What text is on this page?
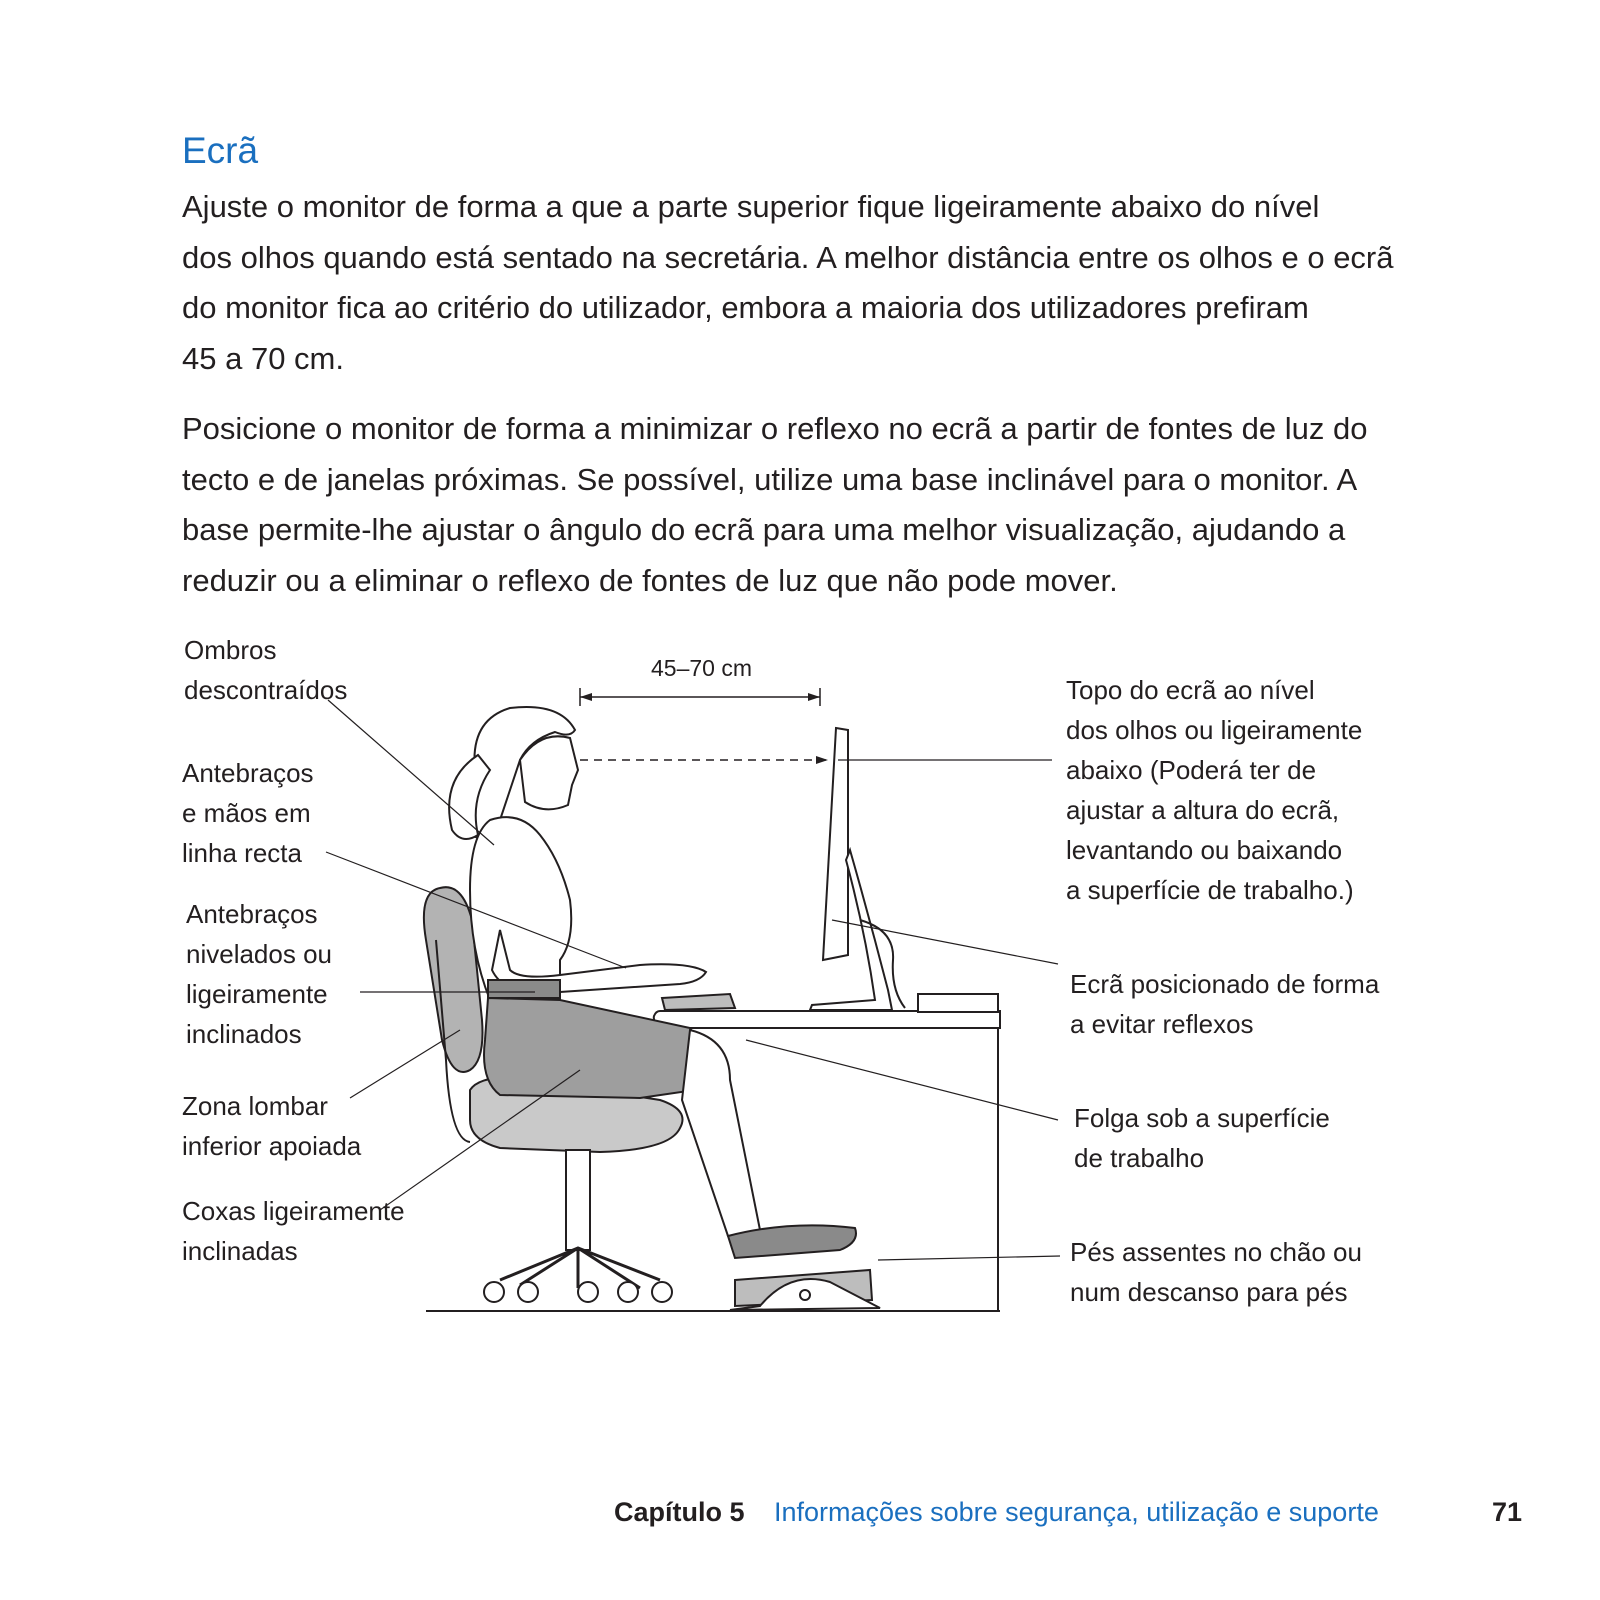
Ecrã
Ajuste o monitor de forma a que a parte superior fique ligeiramente abaixo do nível
dos olhos quando está sentado na secretária. A melhor distância entre os olhos e o ecrã
do monitor fica ao critério do utilizador, embora a maioria dos utilizadores prefiram
45 a 70 cm.
Posicione o monitor de forma a minimizar o reflexo no ecrã a partir de fontes de luz do
tecto e de janelas próximas. Se possível, utilize uma base inclinável para o monitor. A
base permite-lhe ajustar o ângulo do ecrã para uma melhor visualização, ajudando a
reduzir ou a eliminar o reflexo de fontes de luz que não pode mover.
45–70 cm
Ombros
descontraídos
Antebraços
e mãos em
linha recta
Antebraços
nivelados ou
ligeiramente
inclinados
Zona lombar
inferior apoiada
Coxas ligeiramente
inclinadas
Topo do ecrã ao nível
dos olhos ou ligeiramente
abaixo (Poderá ter de
ajustar a altura do ecrã,
levantando ou baixando
a superfície de trabalho.)
Ecrã posicionado de forma
a evitar reflexos
Folga sob a superfície
de trabalho
Pés assentes no chão ou
num descanso para pés
Capítulo 5 Informações sobre segurança, utilização e suporte	71
